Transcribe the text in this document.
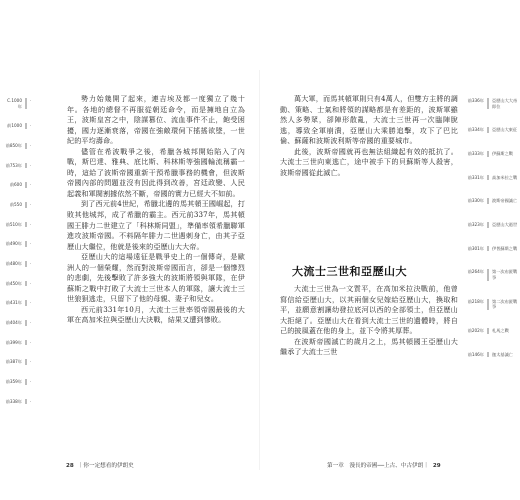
C.1000年
·
前1000 ·
前850年 ·
前753年 ·
前600 ·
前550 ·
前510年 ·
前490年 ·
前480年 ·
前450年 ·
前431年 ·
前404年 ·
前399年 ·
前387年 ·
前359年 ·
前338年 ·
前336年 亞歷山大大帝即位
前334年 亞歷山大東征
前333年 伊蘇斯之戰
前331年 高加米拉之戰
前330年 波斯帝國滅亡
前323年 亞歷山大逝世
前301年 伊普蘇斯之戰
前264年 第一次布匿戰爭
前218年 第二次布匿戰爭
前202年 札馬之戰
前146年 迦太基滅亡

勢力始幾開了起來，連吉埃及都一度獨立了幾十年。各地的總督不再服從朝廷命令，而是擁地自立為王，波斯皇宮之中，陰謀篡位、流血事件不止，飽受困擾，國力逐漸衰落，帝國在強敵環伺下搖搖欲墜，一世紀的平均壽命。

儘管在希波戰爭之後，希臘各城邦開始陷入了內戰，斯巴達、雅典、底比斯、科林斯等強國輪流稱霸一時，這給了波斯帝國重新干預希臘事務的機會，但波斯帝國內部的問題並沒有因此得到改善，宮廷政變、人民起義和軍閥割據依然不斷，帝國的實力已經大不如前。

到了西元前4世紀，希臘北邊的馬其頓王國崛起，打敗其他城邦，成了希臘的霸主。西元前337年，馬其頓國王腓力二世建立了「科林斯同盟」，準備率領希臘聯軍進攻波斯帝國。不料隔年腓力二世遇刺身亡，由其子亞歷山大繼位，他就是後來的亞歷山大大帝。

亞歷山大的這場遠征是戰爭史上的一個傳奇，是歐洲人的一個榮耀，然而對波斯帝國而言，卻是一個慘烈的悲劇，先後擊敗了許多強大的波斯將領與軍隊，在伊蘇斯之戰中打敗了大流士三世本人的軍隊，讓大流士三世狼狽逃走，只留下了他的母親、妻子和兒女。

西元前331年10月，大流士三世率領帝國最後的大軍在高加米拉與亞歷山大決戰，結果又遭到慘敗。

萬大軍，而馬其頓軍則只有4萬人，但雙方主將的調動、策略、士氣和將領的謀略都是有差距的，波斯軍雖然人多勢眾，卻陣形散亂，大流士三世再一次臨陣脫逃，導致全軍崩潰，亞歷山大乘勝追擊，攻下了巴比倫、蘇薩和波斯波利斯等帝國的重要城市。

此後，波斯帝國就再也無法組織起有效的抵抗了。大流士三世向東逃亡，途中被手下的貝蘇斯等人殺害，波斯帝國從此滅亡。

大流士三世和亞歷山大

大流士三世為一文質平，在高加米拉決戰前，他曾寫信給亞歷山大，以其兩個女兒嫁給亞歷山大，換取和平，並願意割讓幼發拉底河以西的全部領土，但亞歷山大拒絕了。亞歷山大在看到大流士三世的遺體時，將自己的披風蓋在他的身上，並下令將其厚葬。

在波斯帝國滅亡的歲月之上，馬其頓國王亞歷山大繼承了大流士三世

28 ｜你一定想看的伊朗史	第一章　漫長的帝國──上古、中古伊朗｜ 29
